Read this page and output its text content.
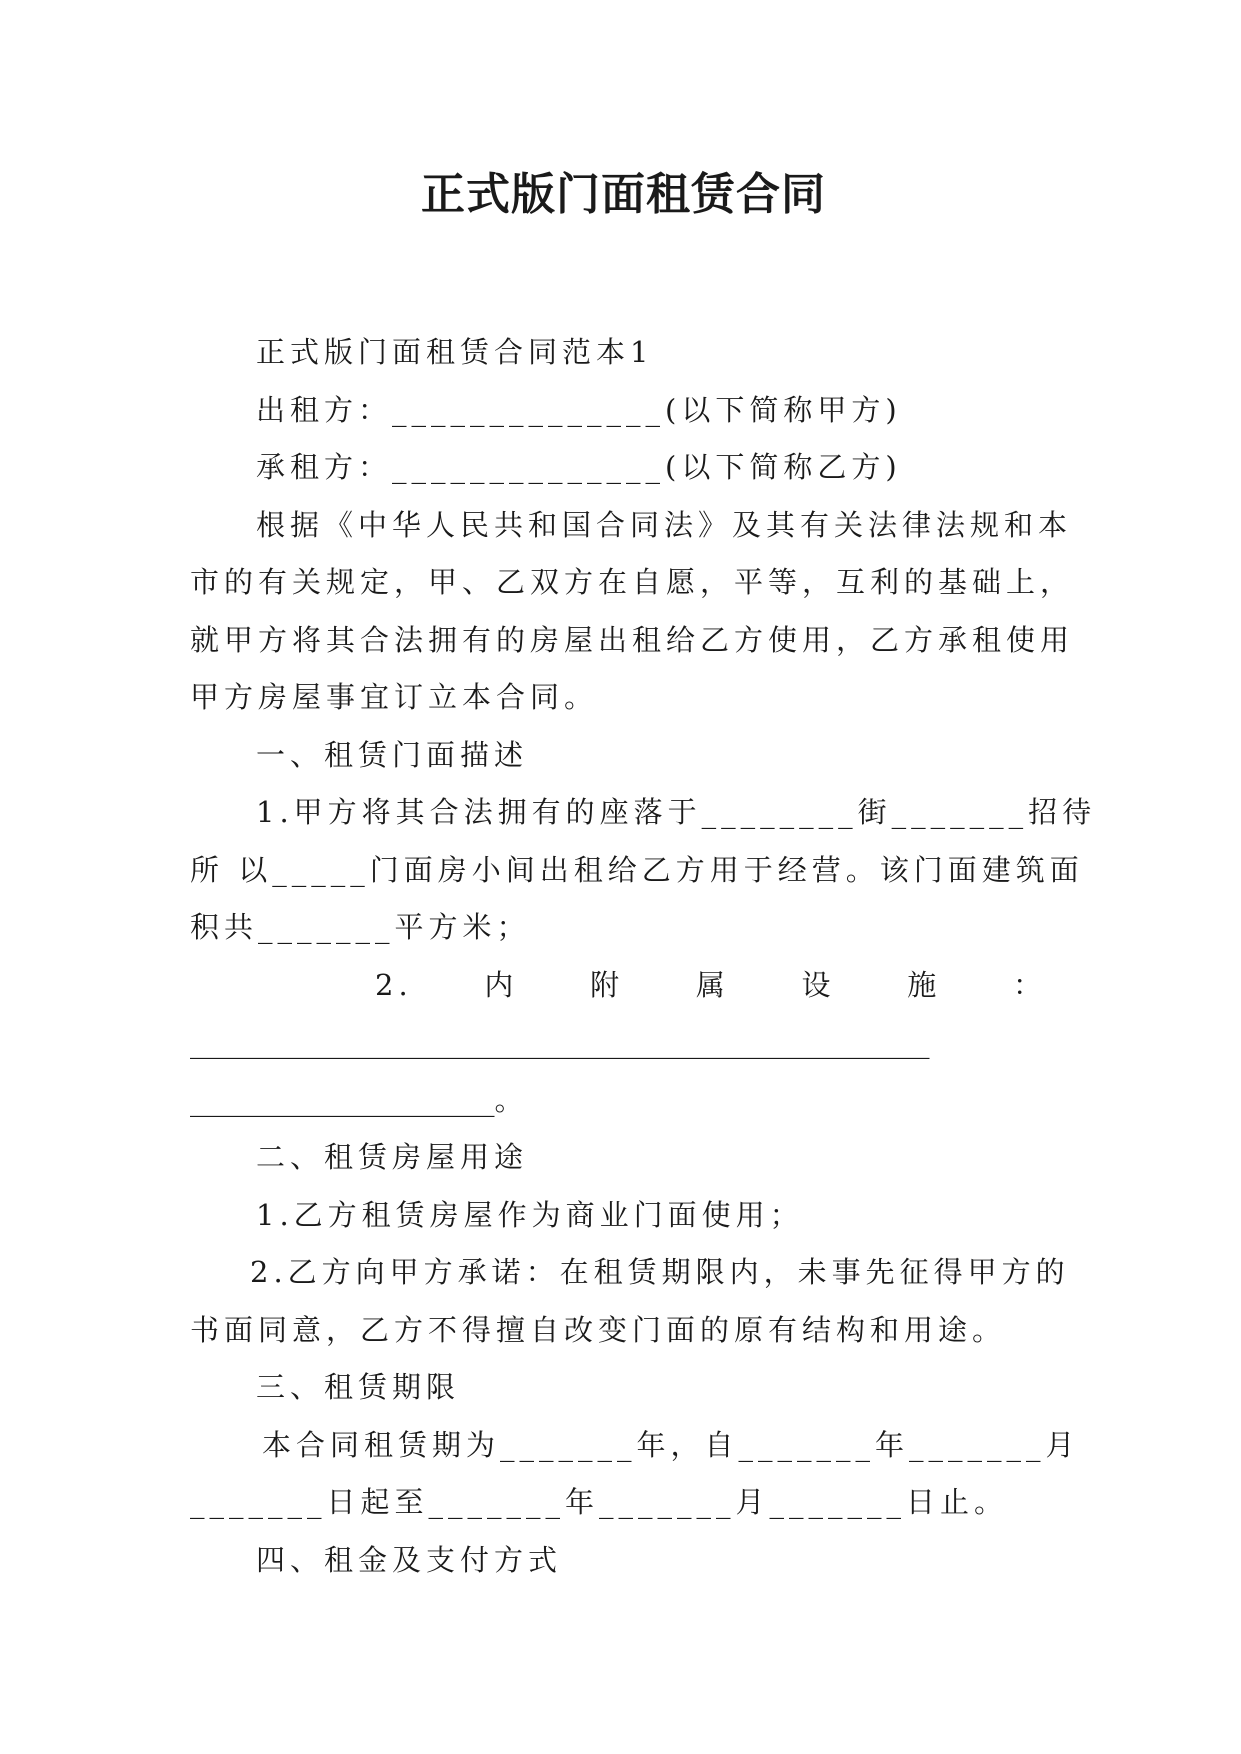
正式版门面租赁合同
正式版门面租赁合同范本1
出租方：______________(以下简称甲方)
承租方：______________(以下简称乙方)
根据《中华人民共和国合同法》及其有关法律法规和本
市的有关规定，甲、乙双方在自愿，平等，互利的基础上，
就甲方将其合法拥有的房屋出租给乙方使用，乙方承租使用
甲方房屋事宜订立本合同。
一、租赁门面描述
1.甲方将其合法拥有的座落于________街_______招待
所 以_____门面房小间出租给乙方用于经营。该门面建筑面
积共_______平方米；
2.　　内　　附　　属　　设　　施　　：
___________________________________________________
_____________________。
二、租赁房屋用途
1.乙方租赁房屋作为商业门面使用；
2.乙方向甲方承诺：在租赁期限内，未事先征得甲方的
书面同意，乙方不得擅自改变门面的原有结构和用途。
三、租赁期限
本合同租赁期为_______年，自_______年_______月
_______日起至_______年_______月_______日止。
四、租金及支付方式
